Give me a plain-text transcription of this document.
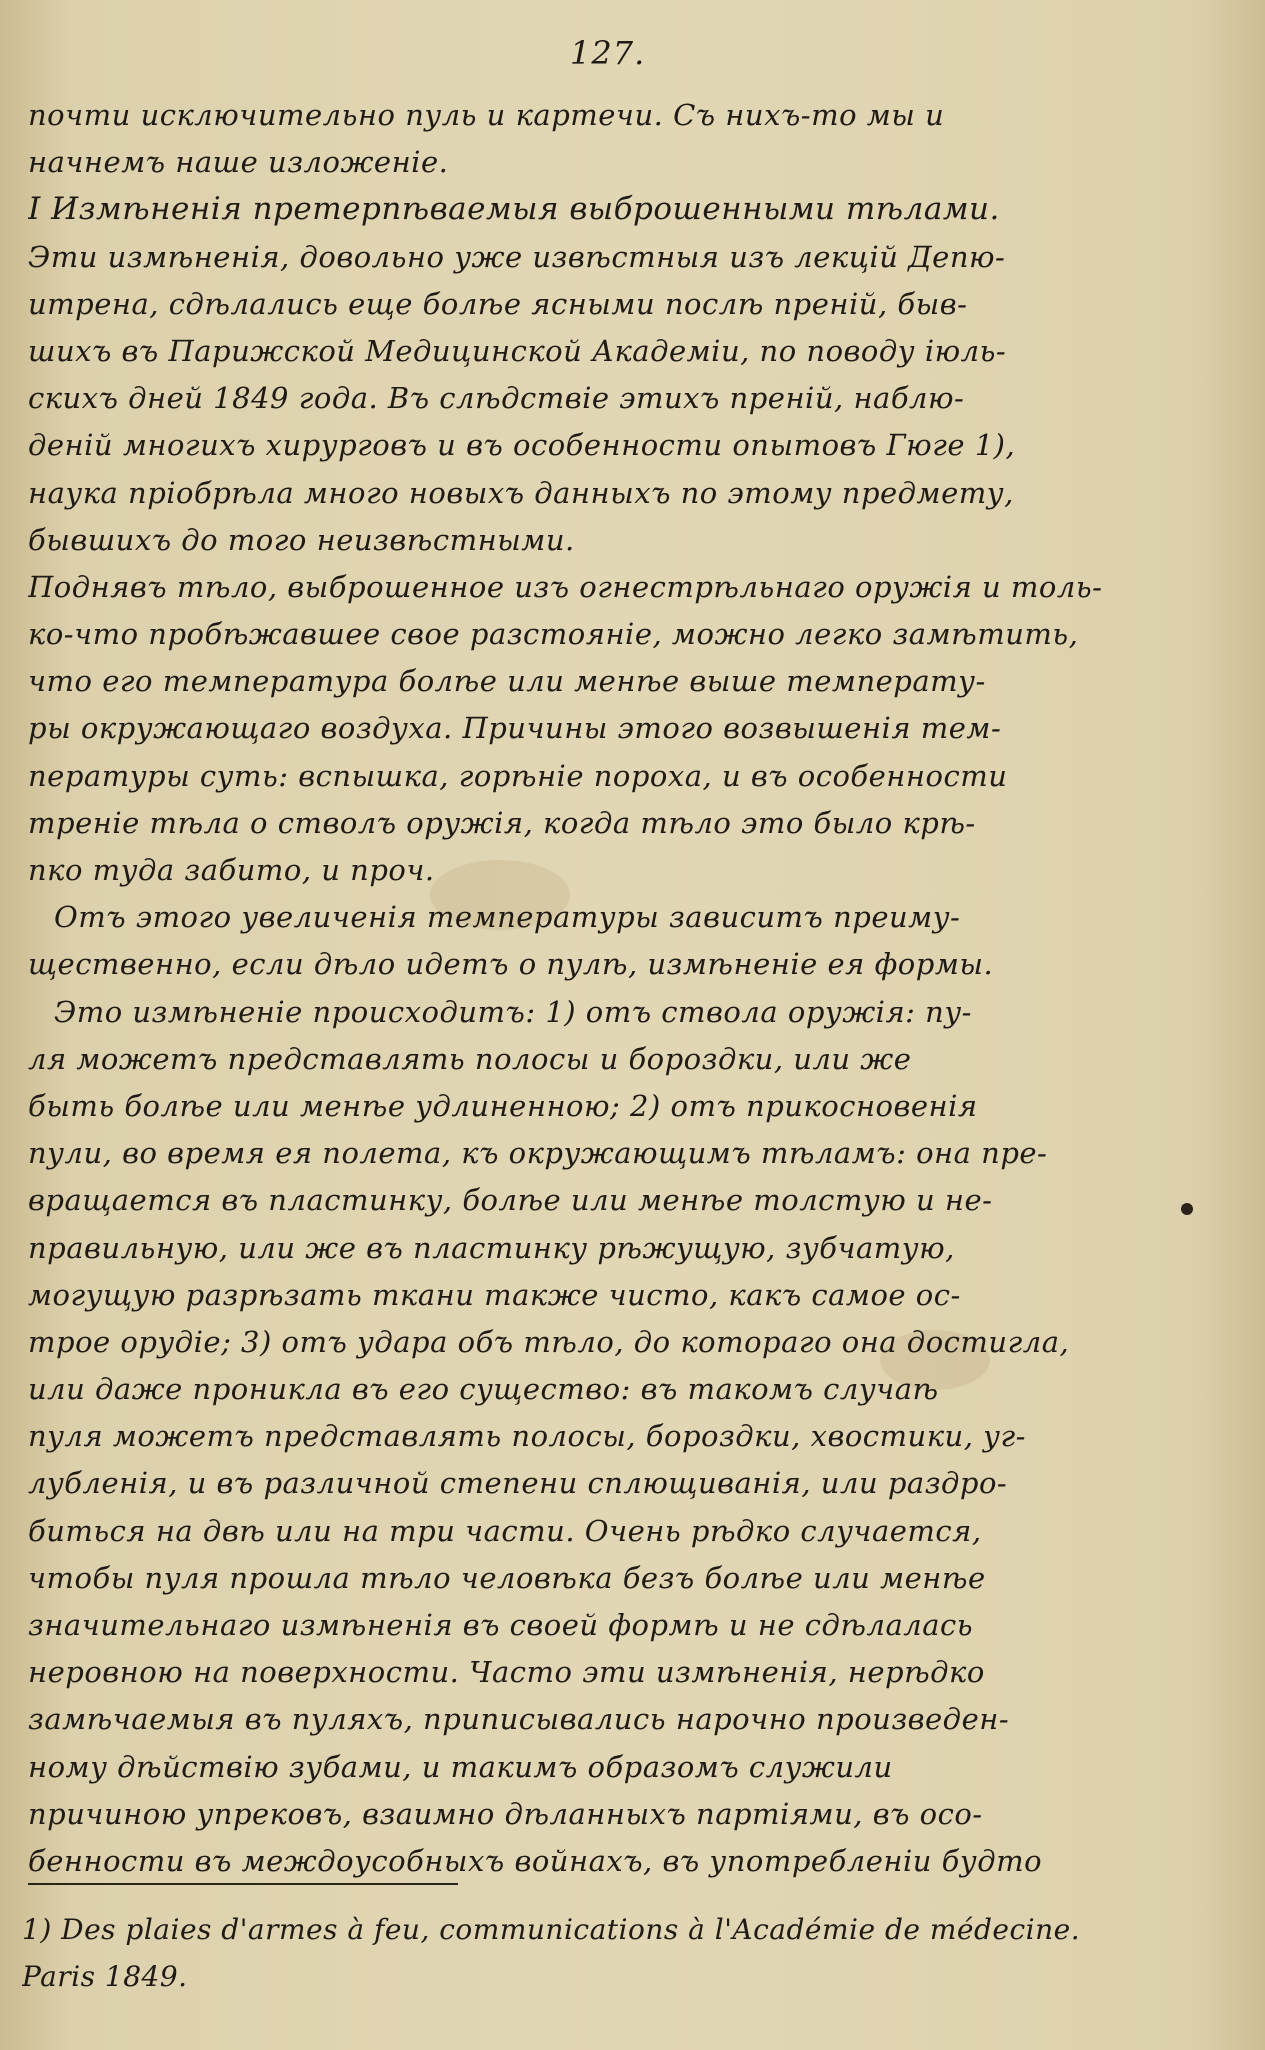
127.
почти исключительно пуль и картечи. Съ нихъ-то мы и
начнемъ наше изложеніе.
I Измѣненія претерпѣваемыя выброшенными тѣлами.
Эти измѣненія, довольно уже извѣстныя изъ лекцій Депю-
итрена, сдѣлались еще болѣе ясными послѣ преній, быв-
шихъ въ Парижской Медицинской Академіи, по поводу іюль-
скихъ дней 1849 года. Въ слѣдствіе этихъ преній, наблю-
деній многихъ хирурговъ и въ особенности опытовъ Гюге 1),
наука пріобрѣла много новыхъ данныхъ по этому предмету,
бывшихъ до того неизвѣстными.
Поднявъ тѣло, выброшенное изъ огнестрѣльнаго оружія и толь-
ко-что пробѣжавшее свое разстояніе, можно легко замѣтить,
что его температура болѣе или менѣе выше температу-
ры окружающаго воздуха. Причины этого возвышенія тем-
пературы суть: вспышка, горѣніе пороха, и въ особенности
треніе тѣла о стволъ оружія, когда тѣло это было крѣ-
пко туда забито, и проч.
Отъ этого увеличенія температуры зависитъ преиму-
щественно, если дѣло идетъ о пулѣ, измѣненіе ея формы.
Это измѣненіе происходитъ: 1) отъ ствола оружія: пу-
ля можетъ представлять полосы и бороздки, или же
быть болѣе или менѣе удлиненною; 2) отъ прикосновенія
пули, во время ея полета, къ окружающимъ тѣламъ: она пре-
вращается въ пластинку, болѣе или менѣе толстую и не-
правильную, или же въ пластинку рѣжущую, зубчатую,
могущую разрѣзать ткани также чисто, какъ самое ос-
трое орудіе; 3) отъ удара объ тѣло, до котораго она достигла,
или даже проникла въ его существо: въ такомъ случаѣ
пуля можетъ представлять полосы, бороздки, хвостики, уг-
лубленія, и въ различной степени сплющиванія, или раздро-
биться на двѣ или на три части. Очень рѣдко случается,
чтобы пуля прошла тѣло человѣка безъ болѣе или менѣе
значительнаго измѣненія въ своей формѣ и не сдѣлалась
неровною на поверхности. Часто эти измѣненія, нерѣдко
замѣчаемыя въ пуляхъ, приписывались нарочно произведен-
ному дѣйствію зубами, и такимъ образомъ служили
причиною упрековъ, взаимно дѣланныхъ партіями, въ осо-
бенности въ междоусобныхъ войнахъ, въ употребленіи будто
1) Des plaies d'armes à feu, communications à l'Académie de médecine.
Paris 1849.
